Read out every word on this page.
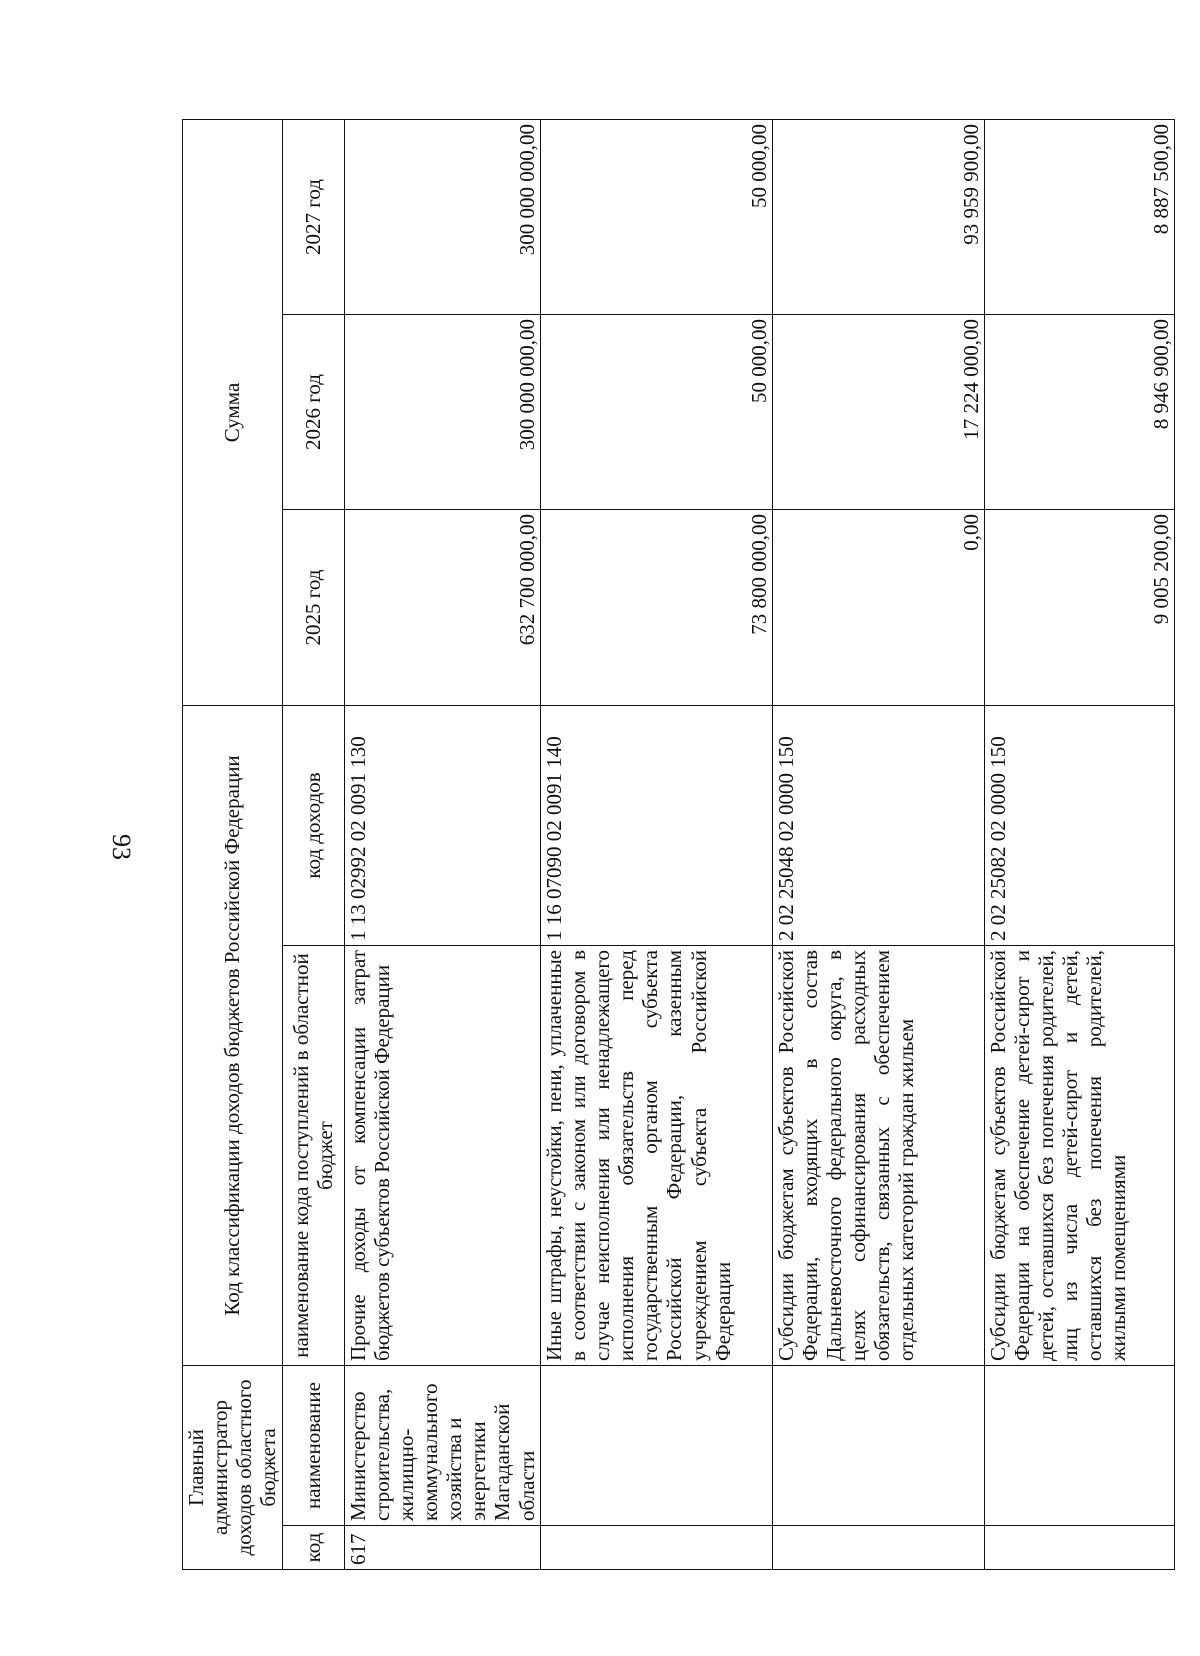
93
Главный администратор доходов областного бюджета		Код классификации доходов бюджетов Российской Федерации		Сумма		
код	наименование	наименование кода поступлений в областной бюджет	код доходов	2025 год	2026 год	2027 год
617	Министерство строительства, жилищно-коммунального хозяйства и энергетики Магаданской области	Прочие доходы от компенсации затрат бюджетов субъектов Российской Федерации	1 13 02992 02 0091 130	632 700 000,00	300 000 000,00	300 000 000,00
		Иные штрафы, неустойки, пени, уплаченные в соответствии с законом или договором в случае неисполнения или ненадлежащего исполнения обязательств перед государственным органом субъекта Российской Федерации, казенным учреждением субъекта Российской Федерации	1 16 07090 02 0091 140	73 800 000,00	50 000,00	50 000,00
		Субсидии бюджетам субъектов Российской Федерации, входящих в состав Дальневосточного федерального округа, в целях софинансирования расходных обязательств, связанных с обеспечением отдельных категорий граждан жильем	2 02 25048 02 0000 150	0,00	17 224 000,00	93 959 900,00
		Субсидии бюджетам субъектов Российской Федерации на обеспечение детей-сирот и детей, оставшихся без попечения родителей, лиц из числа детей-сирот и детей, оставшихся без попечения родителей, жилыми помещениями	2 02 25082 02 0000 150	9 005 200,00	8 946 900,00	8 887 500,00
